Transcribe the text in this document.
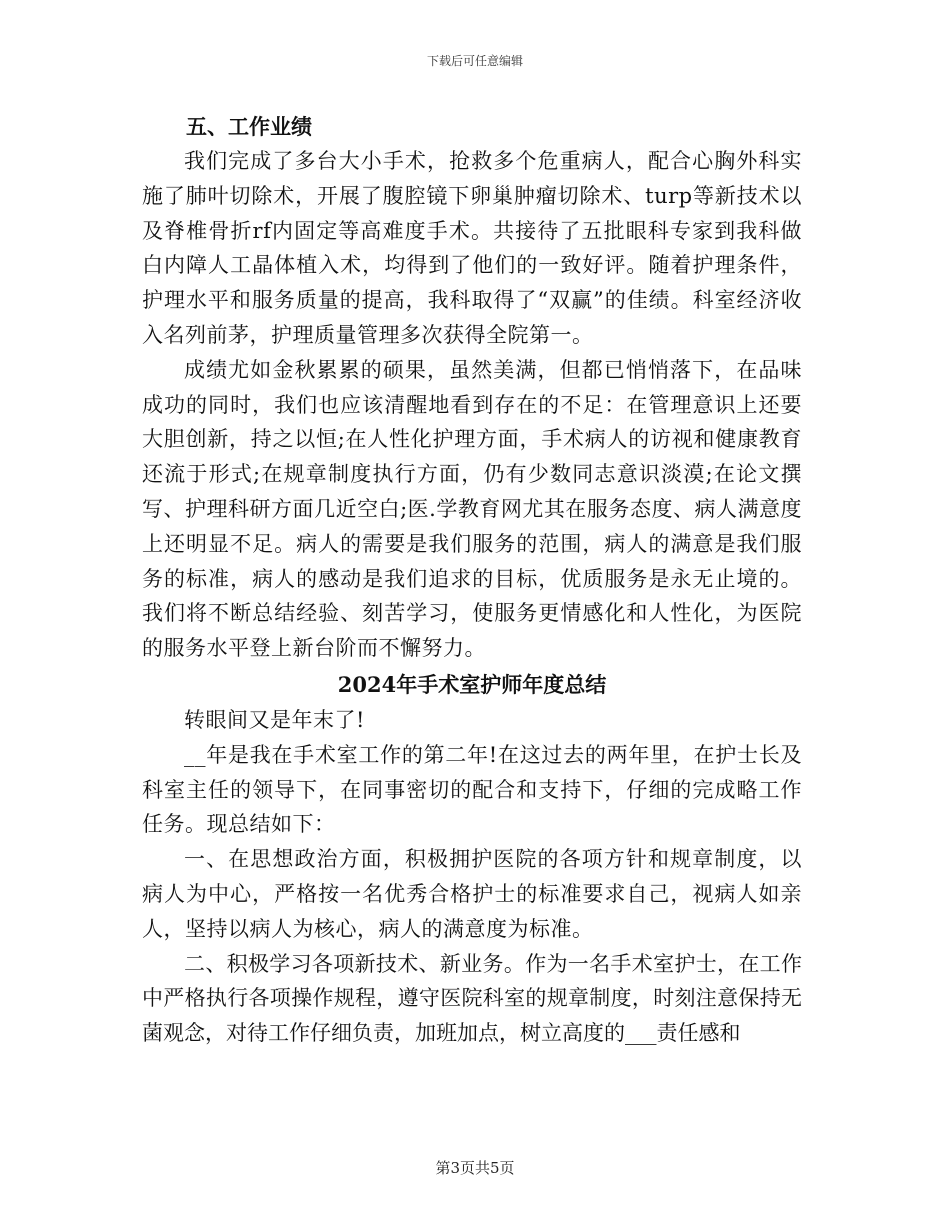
下载后可任意编辑
五、工作业绩

我们完成了多台大小手术，抢救多个危重病人，配合心胸外科实施了肺叶切除术，开展了腹腔镜下卵巢肿瘤切除术、turp等新技术以及脊椎骨折rf内固定等高难度手术。共接待了五批眼科专家到我科做白内障人工晶体植入术，均得到了他们的一致好评。随着护理条件，护理水平和服务质量的提高，我科取得了“双赢”的佳绩。科室经济收入名列前茅，护理质量管理多次获得全院第一。

成绩尤如金秋累累的硕果，虽然美满，但都已悄悄落下，在品味成功的同时，我们也应该清醒地看到存在的不足：在管理意识上还要大胆创新，持之以恒;在人性化护理方面，手术病人的访视和健康教育还流于形式;在规章制度执行方面，仍有少数同志意识淡漠;在论文撰写、护理科研方面几近空白;医.学教育网尤其在服务态度、病人满意度上还明显不足。病人的需要是我们服务的范围，病人的满意是我们服务的标准，病人的感动是我们追求的目标，优质服务是永无止境的。我们将不断总结经验、刻苦学习，使服务更情感化和人性化，为医院的服务水平登上新台阶而不懈努力。

2024年手术室护师年度总结

转眼间又是年末了!

__年是我在手术室工作的第二年!在这过去的两年里，在护士长及科室主任的领导下，在同事密切的配合和支持下，仔细的完成略工作任务。现总结如下：

一、在思想政治方面，积极拥护医院的各项方针和规章制度，以病人为中心，严格按一名优秀合格护士的标准要求自己，视病人如亲人，坚持以病人为核心，病人的满意度为标准。

二、积极学习各项新技术、新业务。作为一名手术室护士，在工作中严格执行各项操作规程，遵守医院科室的规章制度，时刻注意保持无菌观念，对待工作仔细负责，加班加点，树立高度的___责任感和

第3页共5页
